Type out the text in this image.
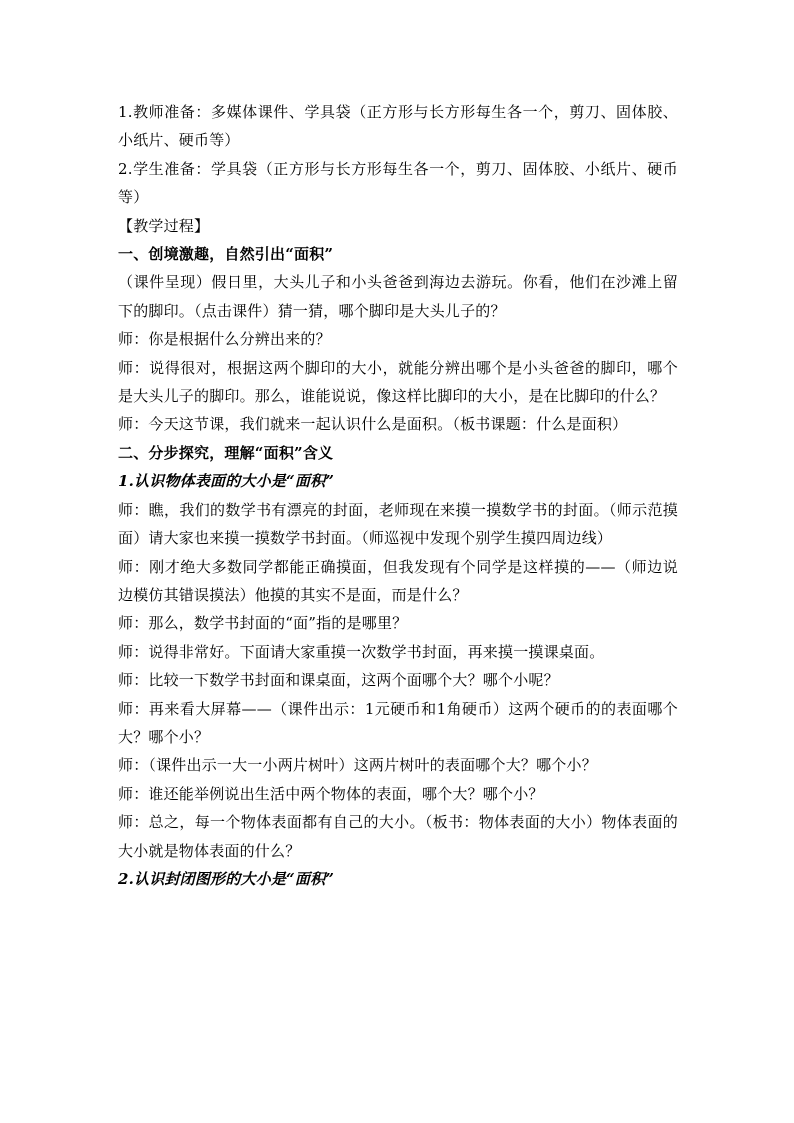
1.教师准备：多媒体课件、学具袋（正方形与长方形每生各一个，剪刀、固体胶、小纸片、硬币等）

2.学生准备：学具袋（正方形与长方形每生各一个，剪刀、固体胶、小纸片、硬币等）

【教学过程】

一、创境激趣，自然引出“面积”

（课件呈现）假日里，大头儿子和小头爸爸到海边去游玩。你看，他们在沙滩上留下的脚印。（点击课件）猜一猜，哪个脚印是大头儿子的？

师：你是根据什么分辨出来的？

师：说得很对，根据这两个脚印的大小，就能分辨出哪个是小头爸爸的脚印，哪个是大头儿子的脚印。那么，谁能说说，像这样比脚印的大小，是在比脚印的什么？

师：今天这节课，我们就来一起认识什么是面积。（板书课题：什么是面积）

二、分步探究，理解“面积”含义

1.认识物体表面的大小是“面积”

师：瞧，我们的数学书有漂亮的封面，老师现在来摸一摸数学书的封面。（师示范摸面）请大家也来摸一摸数学书封面。（师巡视中发现个别学生摸四周边线）

师：刚才绝大多数同学都能正确摸面，但我发现有个同学是这样摸的——（师边说边模仿其错误摸法）他摸的其实不是面，而是什么？

师：那么，数学书封面的“面”指的是哪里？

师：说得非常好。下面请大家重摸一次数学书封面，再来摸一摸课桌面。

师：比较一下数学书封面和课桌面，这两个面哪个大？哪个小呢？

师：再来看大屏幕——（课件出示：1元硬币和1角硬币）这两个硬币的的表面哪个大？哪个小？

师：（课件出示一大一小两片树叶）这两片树叶的表面哪个大？哪个小？

师：谁还能举例说出生活中两个物体的表面，哪个大？哪个小？

师：总之，每一个物体表面都有自己的大小。（板书：物体表面的大小）物体表面的大小就是物体表面的什么？

2.认识封闭图形的大小是“面积”
